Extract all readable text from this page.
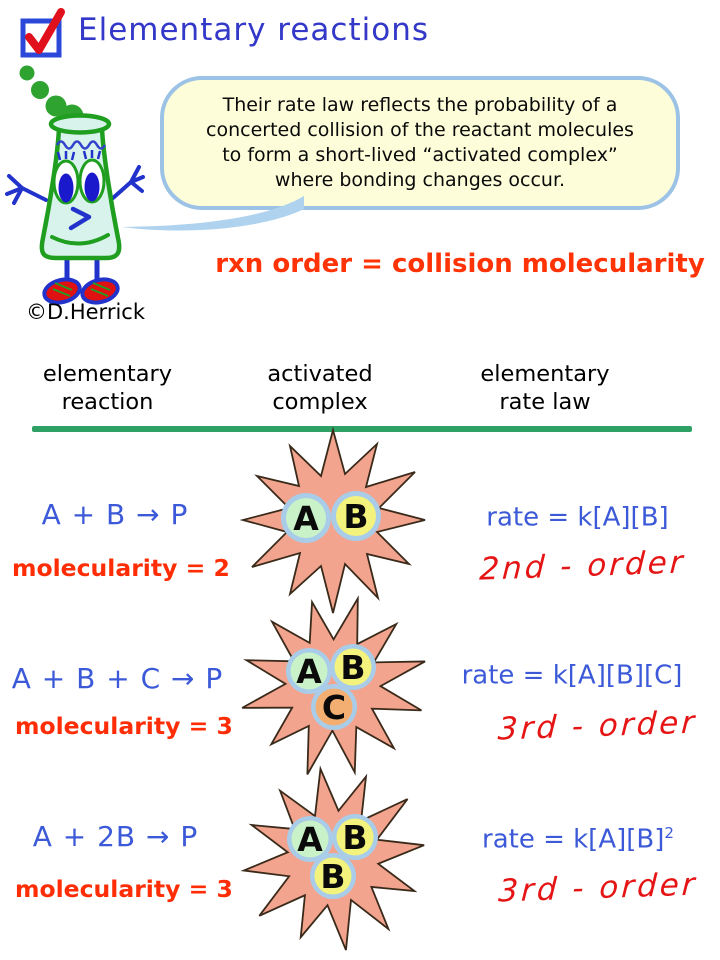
Elementary reactions
©D.Herrick
Their rate law reflects the probability of a
concerted collision of the reactant molecules
to form a short-lived “activated complex”
where bonding changes occur.
rxn order = collision molecularity
elementary
reaction
activated
complex
elementary
rate law
A + B → P
molecularity = 2
A B	rate = k[A][B]
2nd - order
A + B + C → P
molecularity = 3
A B
C
rate = k[A][B][C]
3rd - order
A + 2B → P
molecularity = 3
A B
B
rate = $k[A][B]^2$
3rd - order
